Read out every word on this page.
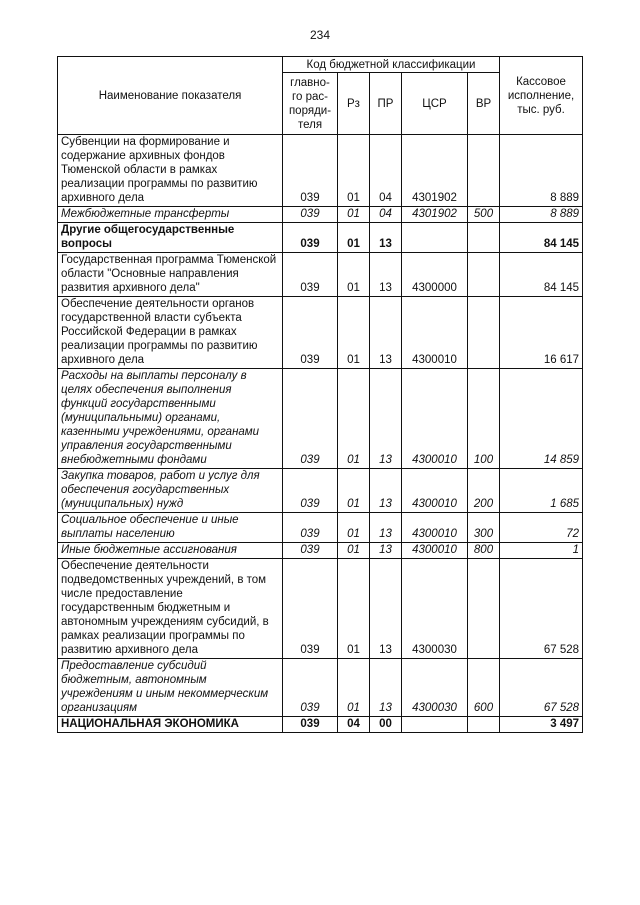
234
Наименование показателя	Код бюджетной классификации					Кассовое исполнение, тыс. руб.
	главно-го рас-поряди-теля	Рз	ПР	ЦСР	ВР	
Субвенции на формирование и содержание архивных фондов Тюменской области в рамках реализации программы по развитию архивного дела	039	01	04	4301902		8 889
Межбюджетные трансферты	039	01	04	4301902	500	8 889
Другие общегосударственные вопросы	039	01	13			84 145
Государственная программа Тюменской области "Основные направления развития архивного дела"	039	01	13	4300000		84 145
Обеспечение деятельности органов государственной власти субъекта Российской Федерации в рамках реализации программы по развитию архивного дела	039	01	13	4300010		16 617
Расходы на выплаты персоналу в целях обеспечения выполнения функций государственными (муниципальными) органами, казенными учреждениями, органами управления государственными внебюджетными фондами	039	01	13	4300010	100	14 859
Закупка товаров, работ и услуг для обеспечения государственных (муниципальных) нужд	039	01	13	4300010	200	1 685
Социальное обеспечение и иные выплаты населению	039	01	13	4300010	300	72
Иные бюджетные ассигнования	039	01	13	4300010	800	1
Обеспечение деятельности подведомственных учреждений, в том числе предоставление государственным бюджетным и автономным учреждениям субсидий, в рамках реализации программы по развитию архивного дела	039	01	13	4300030		67 528
Предоставление субсидий бюджетным, автономным учреждениям и иным некоммерческим организациям	039	01	13	4300030	600	67 528
НАЦИОНАЛЬНАЯ ЭКОНОМИКА	039	04	00			3 497
